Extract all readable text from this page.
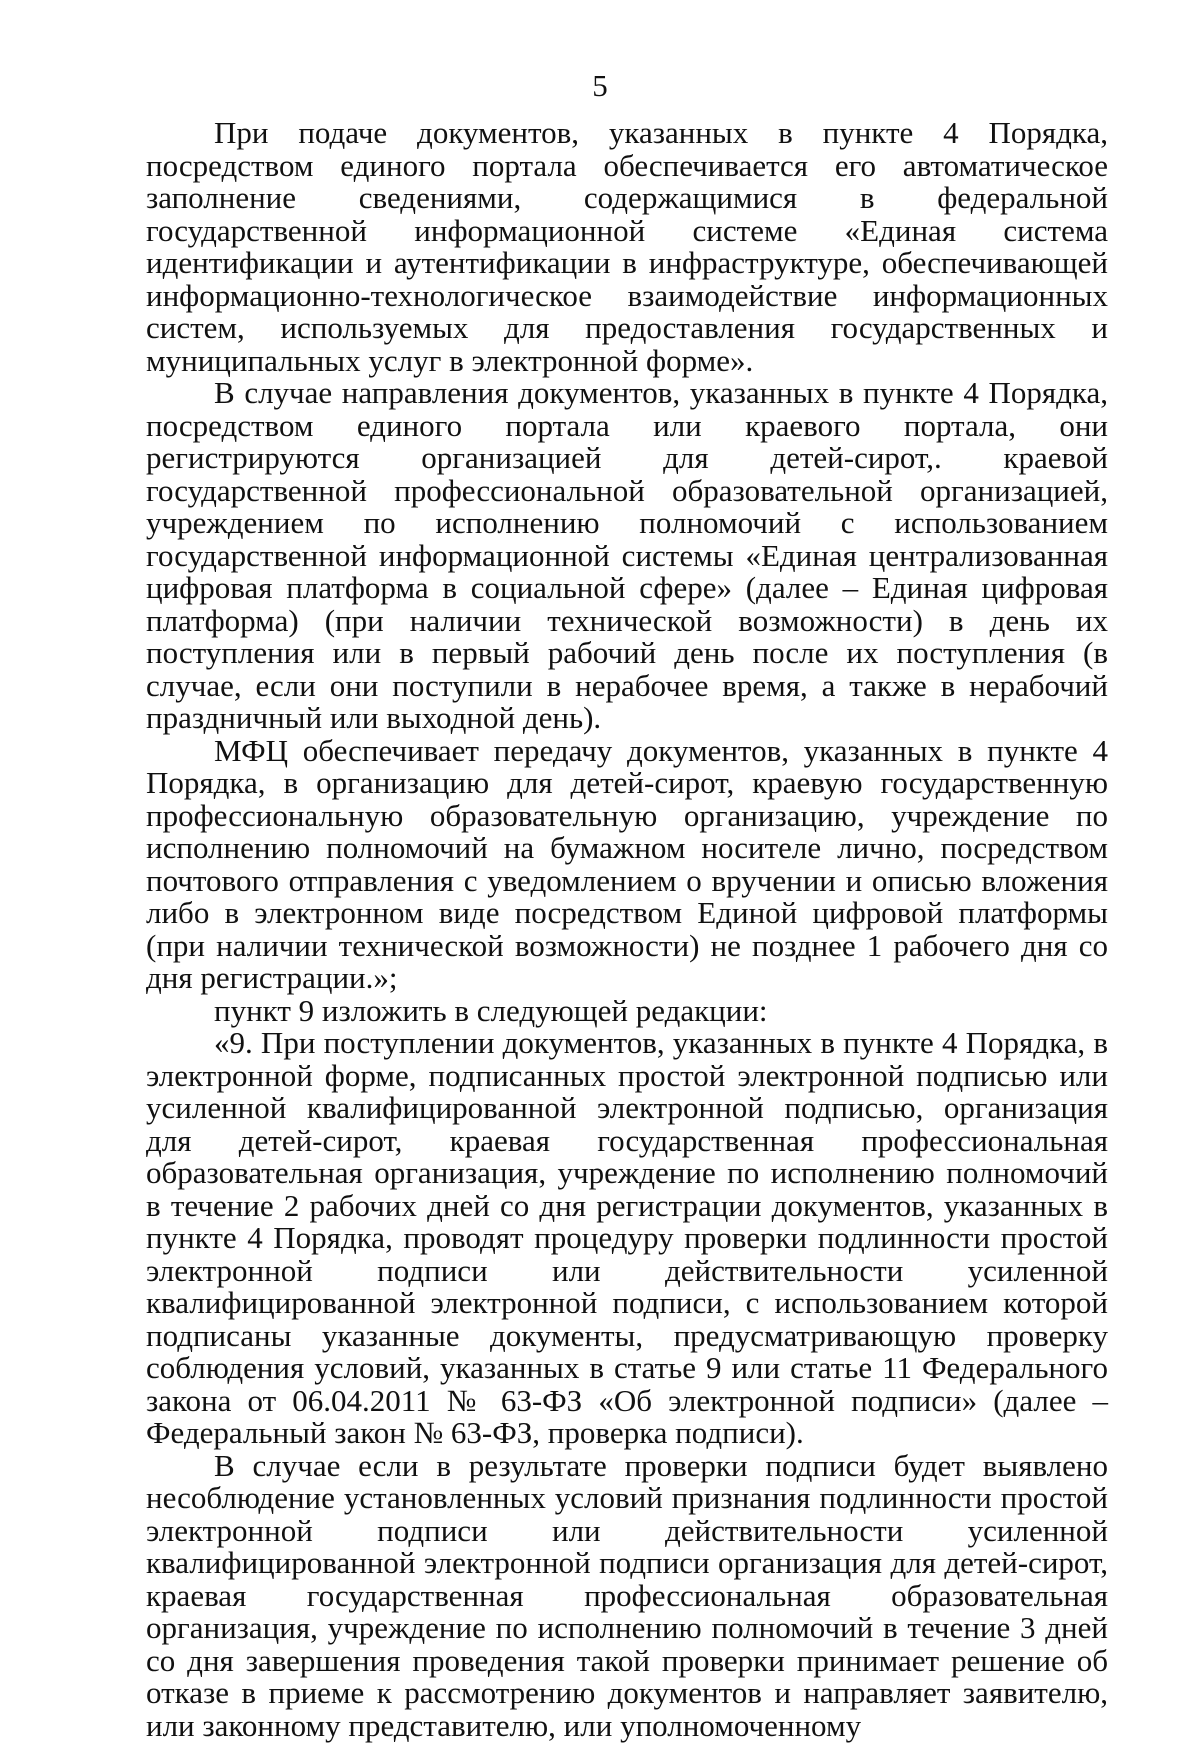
5

При подаче документов, указанных в пункте 4 Порядка, посредством единого портала обеспечивается его автоматическое заполнение сведениями, содержащимися в федеральной государственной информационной системе «Единая система идентификации и аутентификации в инфраструктуре, обеспечивающей информационно-технологическое взаимодействие информационных систем, используемых для предоставления государственных и муниципальных услуг в электронной форме».

В случае направления документов, указанных в пункте 4 Порядка, посредством единого портала или краевого портала, они регистрируются организацией для детей-сирот,. краевой государственной профессиональной образовательной организацией, учреждением по исполнению полномочий с использованием государственной информационной системы «Единая централизованная цифровая платформа в социальной сфере» (далее – Единая цифровая платформа) (при наличии технической возможности) в день их поступления или в первый рабочий день после их поступления (в случае, если они поступили в нерабочее время, а также в нерабочий праздничный или выходной день).

МФЦ обеспечивает передачу документов, указанных в пункте 4 Порядка, в организацию для детей-сирот, краевую государственную профессиональную образовательную организацию, учреждение по исполнению полномочий на бумажном носителе лично, посредством почтового отправления с уведомлением о вручении и описью вложения либо в электронном виде посредством Единой цифровой платформы (при наличии технической возможности) не позднее 1 рабочего дня со дня регистрации.»;

пункт 9 изложить в следующей редакции:

«9. При поступлении документов, указанных в пункте 4 Порядка, в электронной форме, подписанных простой электронной подписью или усиленной квалифицированной электронной подписью, организация для детей-сирот, краевая государственная профессиональная образовательная организация, учреждение по исполнению полномочий в течение 2 рабочих дней со дня регистрации документов, указанных в пункте 4 Порядка, проводят процедуру проверки подлинности простой электронной подписи или действительности усиленной квалифицированной электронной подписи, с использованием которой подписаны указанные документы, предусматривающую проверку соблюдения условий, указанных в статье 9 или статье 11 Федерального закона от 06.04.2011 № 63-ФЗ «Об электронной подписи» (далее – Федеральный закон № 63-ФЗ, проверка подписи).

В случае если в результате проверки подписи будет выявлено несоблюдение установленных условий признания подлинности простой электронной подписи или действительности усиленной квалифицированной электронной подписи организация для детей-сирот, краевая государственная профессиональная образовательная организация, учреждение по исполнению полномочий в течение 3 дней со дня завершения проведения такой проверки принимает решение об отказе в приеме к рассмотрению документов и направляет заявителю, или законному представителю, или уполномоченному
